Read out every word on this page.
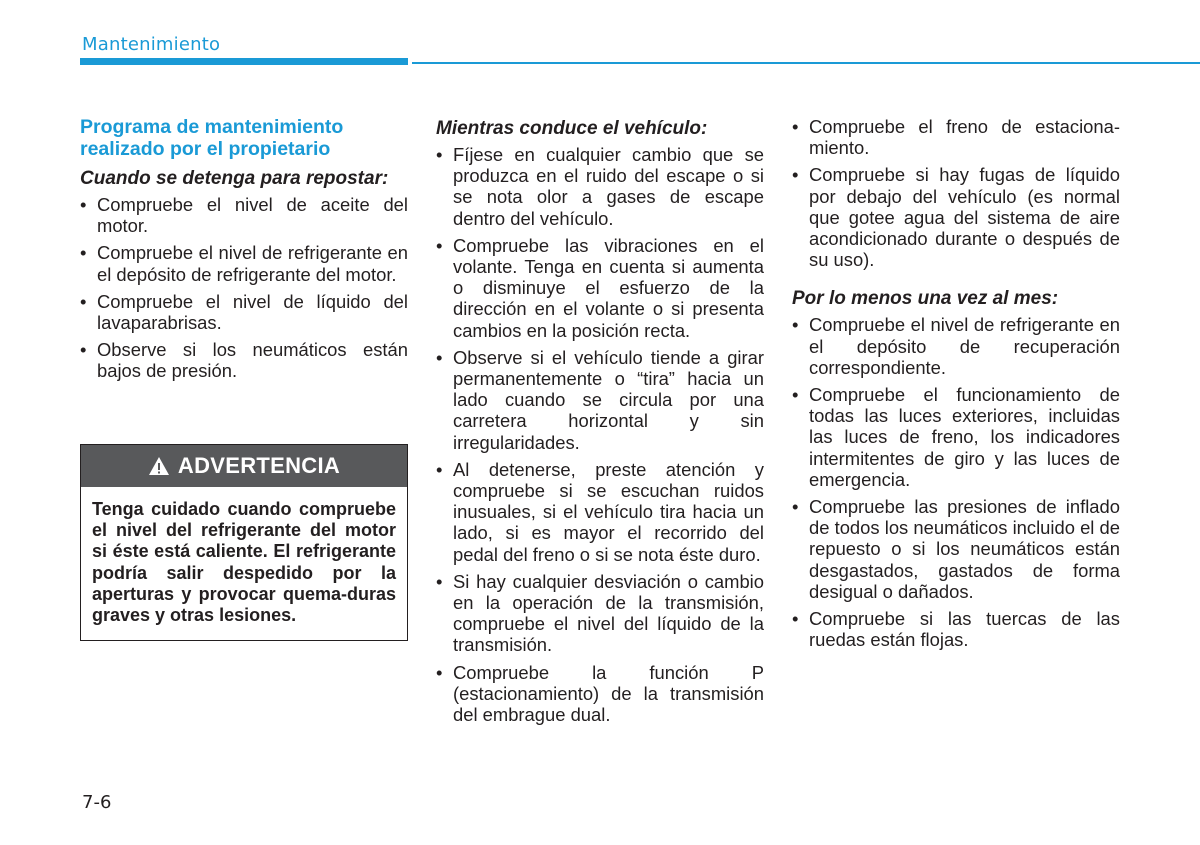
Mantenimiento
Programa de mantenimiento realizado por el propietario
Cuando se detenga para repostar:
• Compruebe el nivel de aceite del motor.
• Compruebe el nivel de refrigerante en el depósito de refrigerante del motor.
• Compruebe el nivel de líquido del lavaparabrisas.
• Observe si los neumáticos están bajos de presión.
ADVERTENCIA
Tenga cuidado cuando compruebe el nivel del refrigerante del motor si éste está caliente. El refrigerante podría salir despedido por la aperturas y provocar quema-duras graves y otras lesiones.
Mientras conduce el vehículo:
• Fíjese en cualquier cambio que se produzca en el ruido del escape o si se nota olor a gases de escape dentro del vehículo.
• Compruebe las vibraciones en el volante. Tenga en cuenta si aumenta o disminuye el esfuerzo de la dirección en el volante o si presenta cambios en la posición recta.
• Observe si el vehículo tiende a girar permanentemente o “tira” hacia un lado cuando se circula por una carretera horizontal y sin irregularidades.
• Al detenerse, preste atención y compruebe si se escuchan ruidos inusuales, si el vehículo tira hacia un lado, si es mayor el recorrido del pedal del freno o si se nota éste duro.
• Si hay cualquier desviación o cambio en la operación de la transmisión, compruebe el nivel del líquido de la transmisión.
• Compruebe la función P (estacionamiento) de la transmisión del embrague dual.
• Compruebe el freno de estaciona-miento.
• Compruebe si hay fugas de líquido por debajo del vehículo (es normal que gotee agua del sistema de aire acondicionado durante o después de su uso).
Por lo menos una vez al mes:
• Compruebe el nivel de refrigerante en el depósito de recuperación correspondiente.
• Compruebe el funcionamiento de todas las luces exteriores, incluidas las luces de freno, los indicadores intermitentes de giro y las luces de emergencia.
• Compruebe las presiones de inflado de todos los neumáticos incluido el de repuesto o si los neumáticos están desgastados, gastados de forma desigual o dañados.
• Compruebe si las tuercas de las ruedas están flojas.
7-6
